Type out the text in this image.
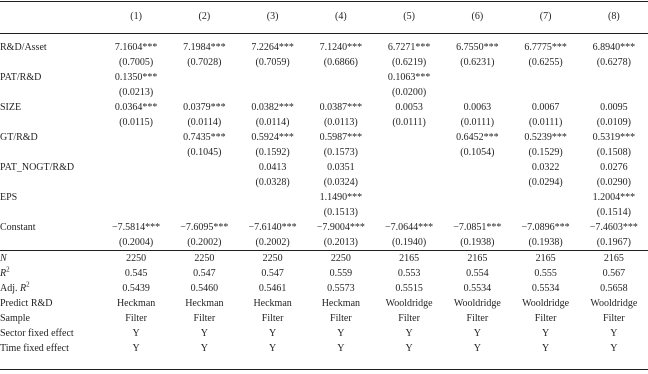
	(1)	(2)	(3)	(4)	(5)	(6)	(7)	(8)
R&D/Asset	7.1604***	7.1984***	7.2264***	7.1240***	6.7271***	6.7550***	6.7775***	6.8940***
	(0.7005)	(0.7028)	(0.7059)	(0.6866)	(0.6219)	(0.6231)	(0.6255)	(0.6278)
PAT/R&D	0.1350***				0.1063***			
	(0.0213)				(0.0200)			
SIZE	0.0364***	0.0379***	0.0382***	0.0387***	0.0053	0.0063	0.0067	0.0095
	(0.0115)	(0.0114)	(0.0114)	(0.0113)	(0.0111)	(0.0111)	(0.0111)	(0.0109)
GT/R&D		0.7435***	0.5924***	0.5987***		0.6452***	0.5239***	0.5319***
		(0.1045)	(0.1592)	(0.1573)		(0.1054)	(0.1529)	(0.1508)
PAT_NOGT/R&D			0.0413	0.0351			0.0322	0.0276
			(0.0328)	(0.0324)			(0.0294)	(0.0290)
EPS				1.1490***				1.2004***
				(0.1513)				(0.1514)
Constant	−7.5814***	−7.6095***	−7.6140***	−7.9004***	−7.0644***	−7.0851***	−7.0896***	−7.4603***
	(0.2004)	(0.2002)	(0.2002)	(0.2013)	(0.1940)	(0.1938)	(0.1938)	(0.1967)
N	2250	2250	2250	2250	2165	2165	2165	2165
$R^2$	0.545	0.547	0.547	0.559	0.553	0.554	0.555	0.567
Adj. $R^2$	0.5439	0.5460	0.5461	0.5573	0.5515	0.5534	0.5534	0.5658
Predict R&D	Heckman	Heckman	Heckman	Heckman	Wooldridge	Wooldridge	Wooldridge	Wooldridge
Sample	Filter	Filter	Filter	Filter	Filter	Filter	Filter	Filter
Sector fixed effect	Y	Y	Y	Y	Y	Y	Y	Y
Time fixed effect	Y	Y	Y	Y	Y	Y	Y	Y
